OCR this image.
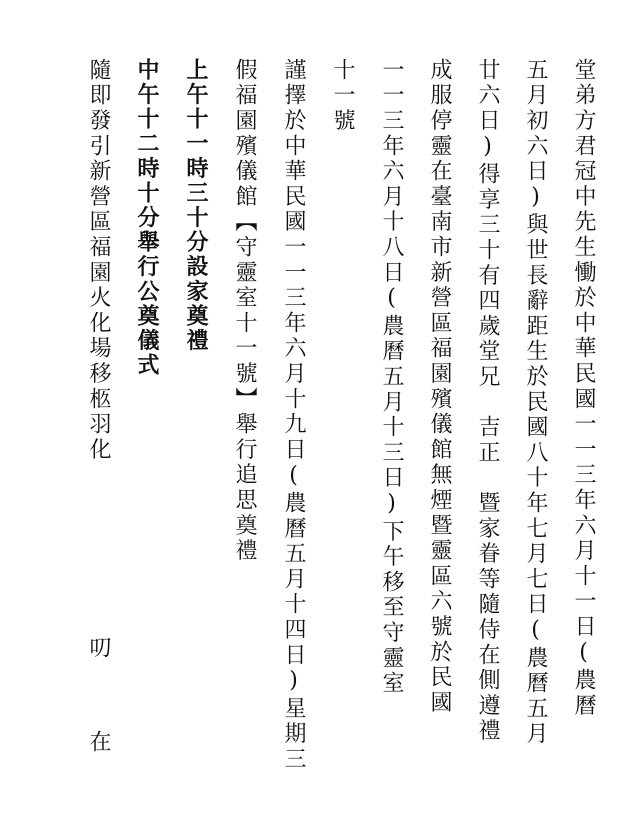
堂弟方君冠中先生慟於中華民國一一三年六月十一日(農曆
五月初六日)與世長辭距生於民國八十年七月七日(農曆五月
廿六日)得享三十有四歲堂兄　吉正　暨家眷等隨侍在側遵禮
成服停靈在臺南市新營區福園殯儀館無煙暨靈區六號於民國
一一三年六月十八日(農曆五月十三日)下午移至守靈室
十一號
謹擇於中華民國一一三年六月十九日(農曆五月十四日)星期三
假福園殯儀館【守靈室十一號】舉行追思奠禮
上午十一時三十分設家奠禮
中午十二時十分舉行公奠儀式
隨即發引新營區福園火化場移柩羽化
叨
在
